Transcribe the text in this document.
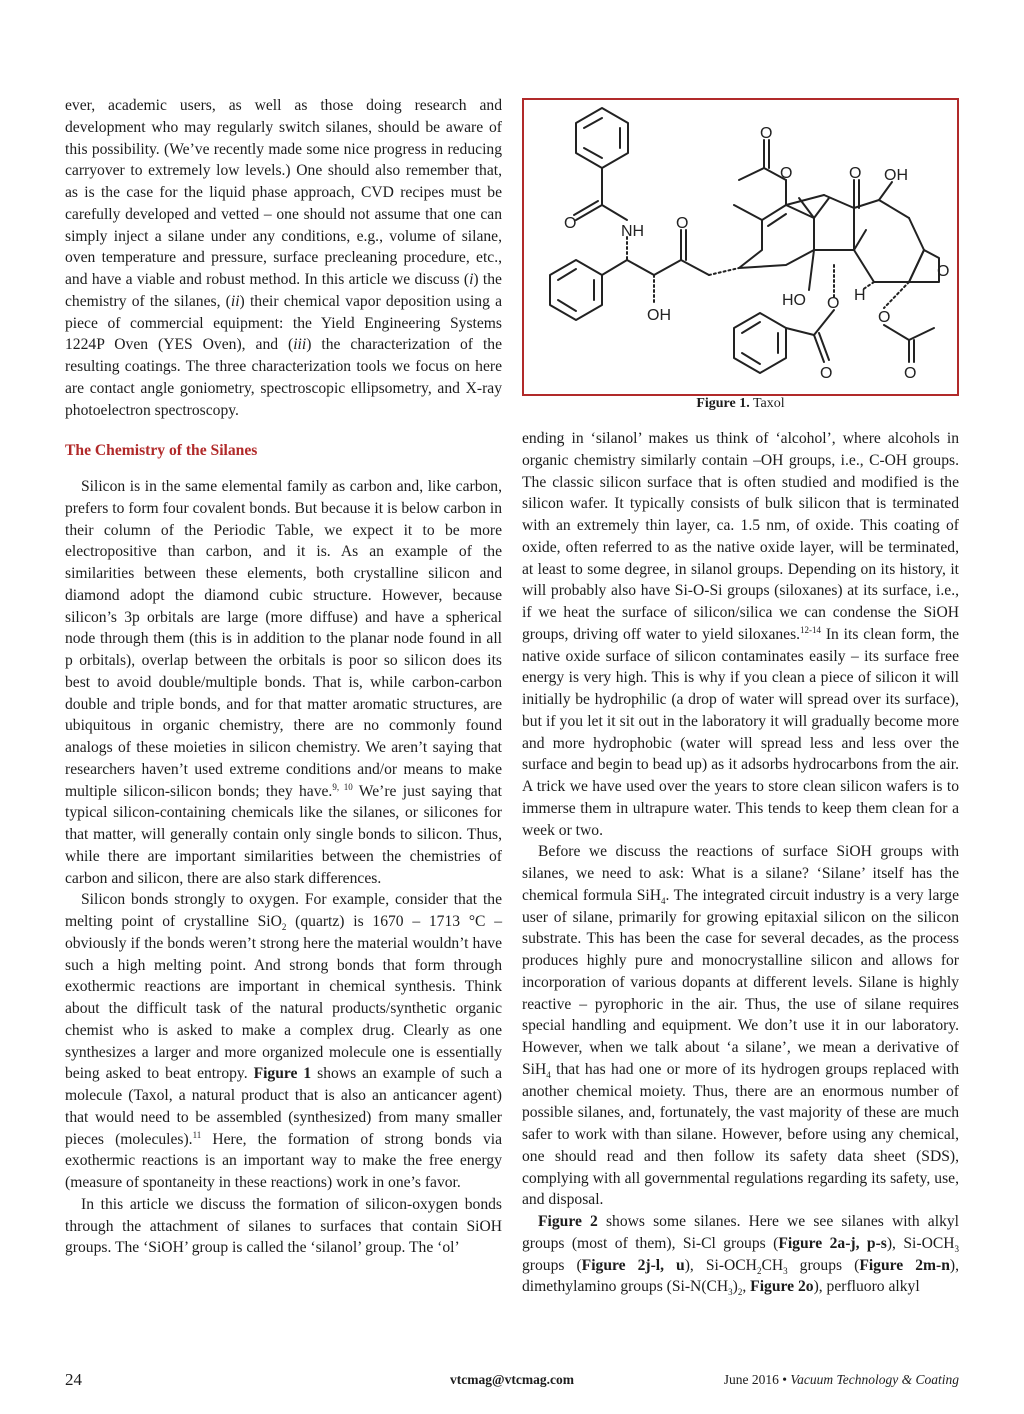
ever, academic users, as well as those doing research and development who may regularly switch silanes, should be aware of this possibility. (We’ve recently made some nice progress in reducing carryover to extremely low levels.) One should also remember that, as is the case for the liquid phase approach, CVD recipes must be carefully developed and vetted – one should not assume that one can simply inject a silane under any conditions, e.g., volume of silane, oven temperature and pressure, surface precleaning procedure, etc., and have a viable and robust method. In this article we discuss (i) the chemistry of the silanes, (ii) their chemical vapor deposition using a piece of commercial equipment: the Yield Engineering Systems 1224P Oven (YES Oven), and (iii) the characterization of the resulting coatings. The three characterization tools we focus on here are contact angle goniometry, spectroscopic ellipsometry, and X-ray photoelectron spectroscopy.

The Chemistry of the Silanes

Silicon is in the same elemental family as carbon and, like carbon, prefers to form four covalent bonds. But because it is below carbon in their column of the Periodic Table, we expect it to be more electropositive than carbon, and it is. As an example of the similarities between these elements, both crystalline silicon and diamond adopt the diamond cubic structure. However, because silicon’s 3p orbitals are large (more diffuse) and have a spherical node through them (this is in addition to the planar node found in all p orbitals), overlap between the orbitals is poor so silicon does its best to avoid double/multiple bonds. That is, while carbon-carbon double and triple bonds, and for that matter aromatic structures, are ubiquitous in organic chemistry, there are no commonly found analogs of these moieties in silicon chemistry. We aren’t saying that researchers haven’t used extreme conditions and/or means to make multiple silicon-silicon bonds; they have.$^{9, 10}$ We’re just saying that typical silicon-containing chemicals like the silanes, or silicones for that matter, will generally contain only single bonds to silicon. Thus, while there are important similarities between the chemistries of carbon and silicon, there are also stark differences.

Silicon bonds strongly to oxygen. For example, consider that the melting point of crystalline SiO$_2$ (quartz) is 1670 – 1713 °C – obviously if the bonds weren’t strong here the material wouldn’t have such a high melting point. And strong bonds that form through exothermic reactions are important in chemical synthesis. Think about the difficult task of the natural products/synthetic organic chemist who is asked to make a complex drug. Clearly as one synthesizes a larger and more organized molecule one is essentially being asked to beat entropy. Figure 1 shows an example of such a molecule (Taxol, a natural product that is also an anticancer agent) that would need to be assembled (synthesized) from many smaller pieces (molecules).$^{11}$ Here, the formation of strong bonds via exothermic reactions is an important way to make the free energy (measure of spontaneity in these reactions) work in one’s favor.

In this article we discuss the formation of silicon-oxygen bonds through the attachment of silanes to surfaces that contain SiOH groups. The ‘SiOH’ group is called the ‘silanol’ group. The ‘ol’

O	NH O
OH
O
O	O OH
HO O
O
H
O
O
O
Figure 1. Taxol

ending in ‘silanol’ makes us think of ‘alcohol’, where alcohols in organic chemistry similarly contain –OH groups, i.e., C-OH groups. The classic silicon surface that is often studied and modified is the silicon wafer. It typically consists of bulk silicon that is terminated with an extremely thin layer, ca. 1.5 nm, of oxide. This coating of oxide, often referred to as the native oxide layer, will be terminated, at least to some degree, in silanol groups. Depending on its history, it will probably also have Si-O-Si groups (siloxanes) at its surface, i.e., if we heat the surface of silicon/silica we can condense the SiOH groups, driving off water to yield siloxanes.$^{12-14}$ In its clean form, the native oxide surface of silicon contaminates easily – its surface free energy is very high. This is why if you clean a piece of silicon it will initially be hydrophilic (a drop of water will spread over its surface), but if you let it sit out in the laboratory it will gradually become more and more hydrophobic (water will spread less and less over the surface and begin to bead up) as it adsorbs hydrocarbons from the air. A trick we have used over the years to store clean silicon wafers is to immerse them in ultrapure water. This tends to keep them clean for a week or two.

Before we discuss the reactions of surface SiOH groups with silanes, we need to ask: What is a silane? ‘Silane’ itself has the chemical formula SiH$_4$. The integrated circuit industry is a very large user of silane, primarily for growing epitaxial silicon on the silicon substrate. This has been the case for several decades, as the process produces highly pure and monocrystalline silicon and allows for incorporation of various dopants at different levels. Silane is highly reactive – pyrophoric in the air. Thus, the use of silane requires special handling and equipment. We don’t use it in our laboratory. However, when we talk about ‘a silane’, we mean a derivative of SiH$_4$ that has had one or more of its hydrogen groups replaced with another chemical moiety. Thus, there are an enormous number of possible silanes, and, fortunately, the vast majority of these are much safer to work with than silane. However, before using any chemical, one should read and then follow its safety data sheet (SDS), complying with all governmental regulations regarding its safety, use, and disposal.

Figure 2 shows some silanes. Here we see silanes with alkyl groups (most of them), Si-Cl groups (Figure 2a-j, p-s), $Si-OCH_3$ groups (Figure 2j-l, u), $Si-OCH_2CH_3$ groups (Figure 2m-n), dimethylamino groups ($Si-N(CH_3)_2$, Figure 2o), perfluoro alkyl

24	vtcmag@vtcmag.com	June 2016 • Vacuum Technology & Coating
